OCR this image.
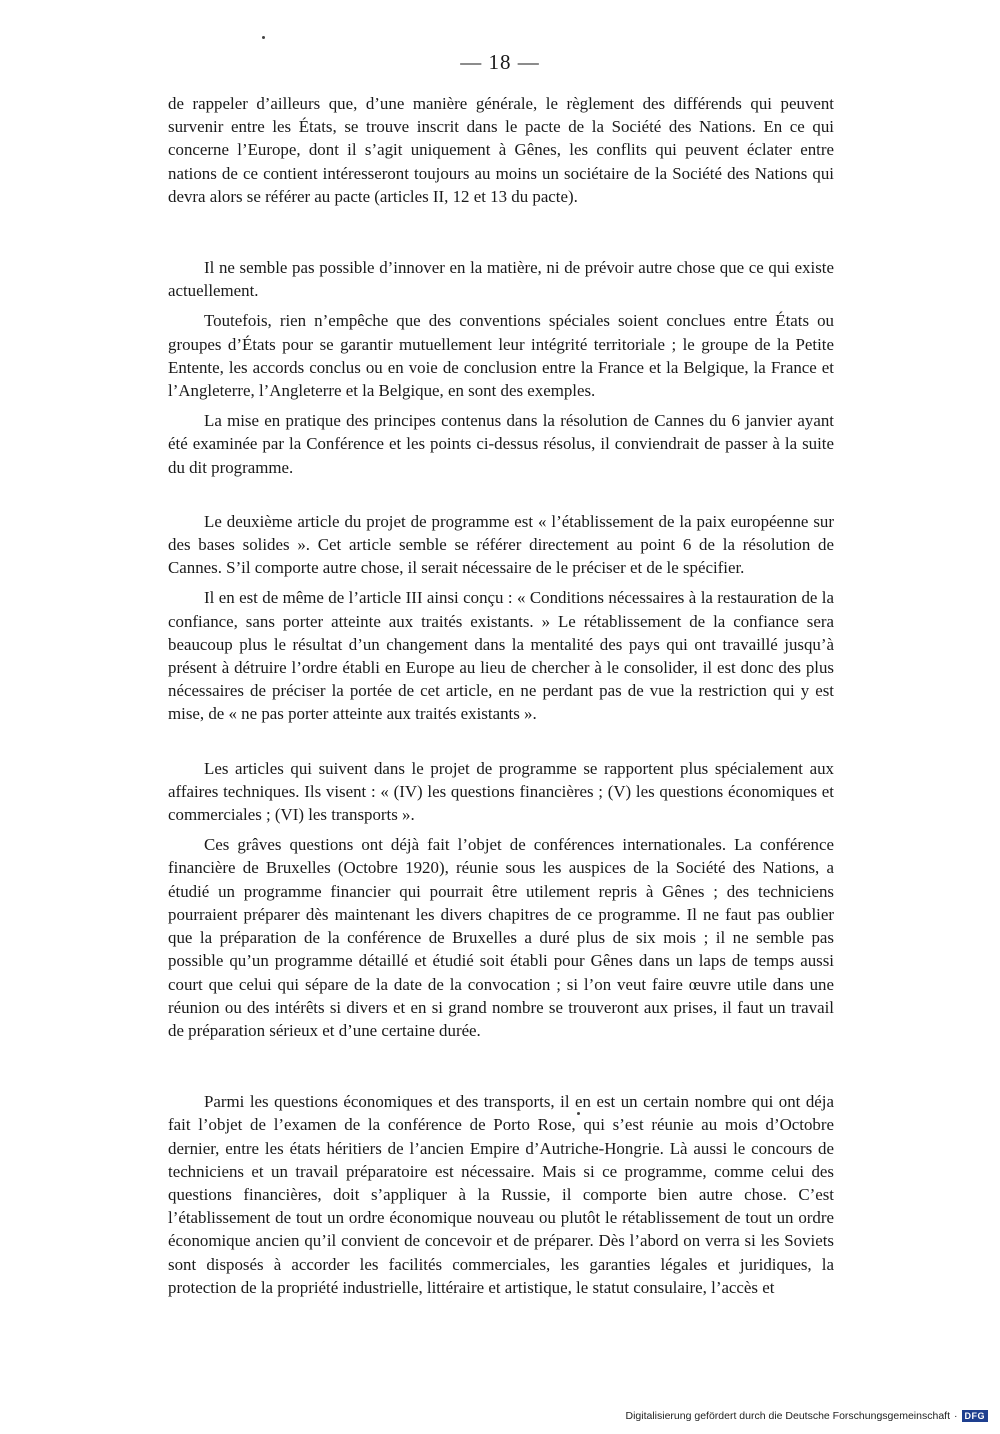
— 18 —

de rappeler d’ailleurs que, d’une manière générale, le règlement des différends qui peuvent survenir entre les États, se trouve inscrit dans le pacte de la Société des Nations. En ce qui concerne l’Europe, dont il s’agit uniquement à Gênes, les conflits qui peuvent éclater entre nations de ce contient intéresseront toujours au moins un sociétaire de la Société des Nations qui devra alors se référer au pacte (articles II, 12 et 13 du pacte).

Il ne semble pas possible d’innover en la matière, ni de prévoir autre chose que ce qui existe actuellement.

Toutefois, rien n’empêche que des conventions spéciales soient conclues entre États ou groupes d’États pour se garantir mutuellement leur intégrité territoriale ; le groupe de la Petite Entente, les accords conclus ou en voie de conclusion entre la France et la Belgique, la France et l’Angleterre, l’Angleterre et la Belgique, en sont des exemples.

La mise en pratique des principes contenus dans la résolution de Cannes du 6 janvier ayant été examinée par la Conférence et les points ci-dessus résolus, il conviendrait de passer à la suite du dit programme.

Le deuxième article du projet de programme est « l’établissement de la paix européenne sur des bases solides ». Cet article semble se référer directement au point 6 de la résolution de Cannes. S’il comporte autre chose, il serait nécessaire de le préciser et de le spécifier.

Il en est de même de l’article III ainsi conçu : « Conditions nécessaires à la restauration de la confiance, sans porter atteinte aux traités existants. » Le rétablissement de la confiance sera beaucoup plus le résultat d’un changement dans la mentalité des pays qui ont travaillé jusqu’à présent à détruire l’ordre établi en Europe au lieu de chercher à le consolider, il est donc des plus nécessaires de préciser la portée de cet article, en ne perdant pas de vue la restriction qui y est mise, de « ne pas porter atteinte aux traités existants ».

Les articles qui suivent dans le projet de programme se rapportent plus spécialement aux affaires techniques. Ils visent : « (IV) les questions financières ; (V) les questions économiques et commerciales ; (VI) les transports ».

Ces grâves questions ont déjà fait l’objet de conférences internationales. La conférence financière de Bruxelles (Octobre 1920), réunie sous les auspices de la Société des Nations, a étudié un programme financier qui pourrait être utilement repris à Gênes ; des techniciens pourraient préparer dès maintenant les divers chapitres de ce programme. Il ne faut pas oublier que la préparation de la conférence de Bruxelles a duré plus de six mois ; il ne semble pas possible qu’un programme détaillé et étudié soit établi pour Gênes dans un laps de temps aussi court que celui qui sépare de la date de la convocation ; si l’on veut faire œuvre utile dans une réunion ou des intérêts si divers et en si grand nombre se trouveront aux prises, il faut un travail de préparation sérieux et d’une certaine durée.

Parmi les questions économiques et des transports, il en est un certain nombre qui ont déja fait l’objet de l’examen de la conférence de Porto Rose, qui s’est réunie au mois d’Octobre dernier, entre les états héritiers de l’ancien Empire d’Autriche-Hongrie. Là aussi le concours de techniciens et un travail préparatoire est nécessaire. Mais si ce programme, comme celui des questions financières, doit s’appliquer à la Russie, il comporte bien autre chose. C’est l’établissement de tout un ordre économique nouveau ou plutôt le rétablissement de tout un ordre économique ancien qu’il convient de concevoir et de préparer. Dès l’abord on verra si les Soviets sont disposés à accorder les facilités commerciales, les garanties légales et juridiques, la protection de la propriété industrielle, littéraire et artistique, le statut consulaire, l’accès et

Digitalisierung gefördert durch die Deutsche Forschungsgemeinschaft · DFG
